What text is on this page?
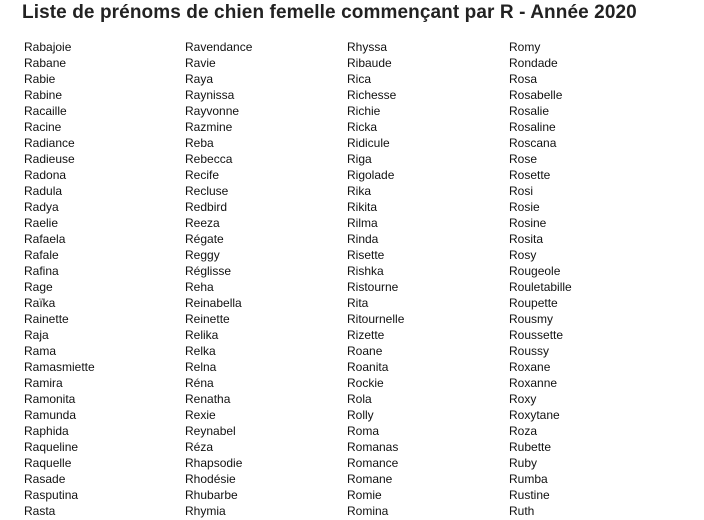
Liste de prénoms de chien femelle commençant par R - Année 2020
Rabajoie
Rabane
Rabie
Rabine
Racaille
Racine
Radiance
Radieuse
Radona
Radula
Radya
Raelie
Rafaela
Rafale
Rafina
Rage
Raïka
Rainette
Raja
Rama
Ramasmiette
Ramira
Ramonita
Ramunda
Raphida
Raqueline
Raquelle
Rasade
Rasputina
Rasta
Ravendance
Ravie
Raya
Raynissa
Rayvonne
Razmine
Reba
Rebecca
Recife
Recluse
Redbird
Reeza
Régate
Reggy
Réglisse
Reha
Reinabella
Reinette
Relika
Relka
Relna
Réna
Renatha
Rexie
Reynabel
Réza
Rhapsodie
Rhodésie
Rhubarbe
Rhymia
Rhyssa
Ribaude
Rica
Richesse
Richie
Ricka
Ridicule
Riga
Rigolade
Rika
Rikita
Rilma
Rinda
Risette
Rishka
Ristourne
Rita
Ritournelle
Rizette
Roane
Roanita
Rockie
Rola
Rolly
Roma
Romanas
Romance
Romane
Romie
Romina
Romy
Rondade
Rosa
Rosabelle
Rosalie
Rosaline
Roscana
Rose
Rosette
Rosi
Rosie
Rosine
Rosita
Rosy
Rougeole
Rouletabille
Roupette
Rousmy
Roussette
Roussy
Roxane
Roxanne
Roxy
Roxytane
Roza
Rubette
Ruby
Rumba
Rustine
Ruth
